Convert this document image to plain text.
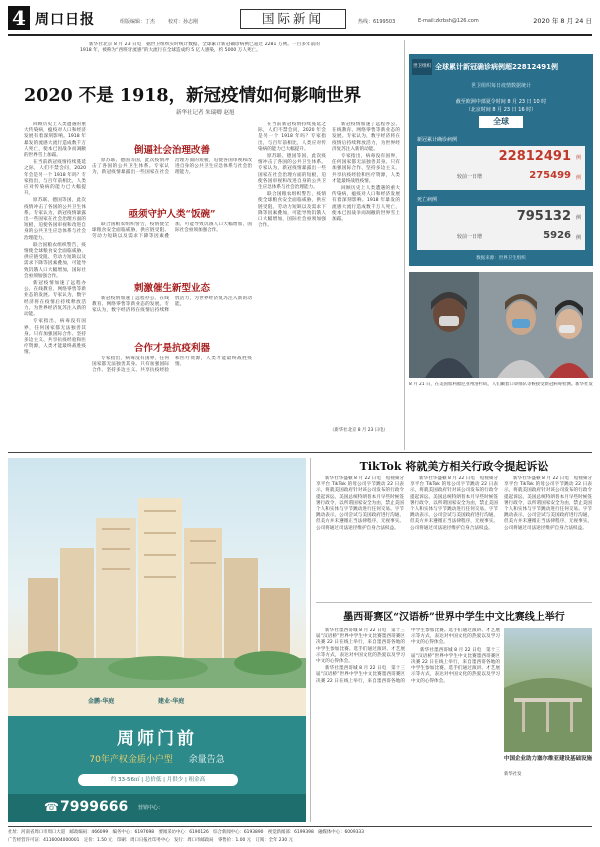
4 周口日报	组版编辑：丁杰	校对：孙志刚	国际新闻	热线：6199503	E-mail:zkrbsh@126.com	2020 年 8 月 24 日

新华社北京 8 月 23 日电　据世卫组织实时统计数据，全球累计新冠确诊病例已超过 2281 万例。一百多年前的 1918 年，被称为“西班牙流感”的大流行在全球造成约 5 亿人感染，约 5000 万人死亡。

2020 不是 1918，新冠疫情如何影响世界
新华社记者 朱瑞卿 赵旭

回顾历史上人类遭遇的重大传染病，瘟疫对人口和经济发展有着深刻影响。1918 年暴发的流感大流行造成数千万人死亡，使本已因战争而凋敝的世界雪上加霜。

在当前新冠疫情持续蔓延之际，人们不禁会问，2020 年会是另一个 1918 年吗？专家指出，与百年前相比，人类应对传染病的能力已大幅提升。

原苏联、德国等国，此次疫情冲击了各国的公共卫生体系。专家认为，新冠疫情暴露出一些国家在社会治理方面的短板，迫使各国审视和改进自身的公共卫生应急体系与社会治理能力。

联合国粮农组织警告，疫情使全球粮食安全面临威胁，供应链受阻、劳动力短缺以及需求下降等因素叠加，可能导致饥饿人口大幅增加，国际社会亟须加强合作。

新冠疫情加速了远程办公、在线教育、网络零售等新业态的发展。专家认为，数字经济将在疫情后持续释放活力，为世界经济复苏注入新的动能。

专家指出，病毒没有国界，任何国家都无法独善其身。只有加强国际合作、坚持多边主义、共享抗疫经验和医疗资源，人类才能最终战胜疫情。

倒逼社会治理改善

原苏联、德国等国，此次疫情冲击了各国的公共卫生体系。专家认为，新冠疫情暴露出一些国家在社会治理方面的短板，迫使各国审视和改进自身的公共卫生应急体系与社会治理能力。

亟须守护人类“饭碗”

联合国粮农组织警告，疫情使全球粮食安全面临威胁，供应链受阻、劳动力短缺以及需求下降等因素叠加，可能导致饥饿人口大幅增加，国际社会亟须加强合作。

刺激催生新型业态

新冠疫情加速了远程办公、在线教育、网络零售等新业态的发展。专家认为，数字经济将在疫情后持续释放活力，为世界经济复苏注入新的动能。

合作才是抗疫利器

专家指出，病毒没有国界，任何国家都无法独善其身。只有加强国际合作、坚持多边主义、共享抗疫经验和医疗资源，人类才能最终战胜疫情。

在当前新冠疫情持续蔓延之际，人们不禁会问，2020 年会是另一个 1918 年吗？专家指出，与百年前相比，人类应对传染病的能力已大幅提升。

原苏联、德国等国，此次疫情冲击了各国的公共卫生体系。专家认为，新冠疫情暴露出一些国家在社会治理方面的短板，迫使各国审视和改进自身的公共卫生应急体系与社会治理能力。

联合国粮农组织警告，疫情使全球粮食安全面临威胁，供应链受阻、劳动力短缺以及需求下降等因素叠加，可能导致饥饿人口大幅增加，国际社会亟须加强合作。

新冠疫情加速了远程办公、在线教育、网络零售等新业态的发展。专家认为，数字经济将在疫情后持续释放活力，为世界经济复苏注入新的动能。

专家指出，病毒没有国界，任何国家都无法独善其身。只有加强国际合作、坚持多边主义、共享抗疫经验和医疗资源，人类才能最终战胜疫情。

回顾历史上人类遭遇的重大传染病，瘟疫对人口和经济发展有着深刻影响。1918 年暴发的流感大流行造成数千万人死亡，使本已因战争而凋敝的世界雪上加霜。

（新华社北京 8 月 23 日电）
世卫组织 全球累计新冠确诊病例超22812491例
世卫组织每日疫情数据统计
截至欧洲中部夏令时间 8 月 23 日 10 时
（北京时间 8 月 23 日 16 时）
全球
新冠累计确诊病例
22812491 例
较前一日增	275499 例
死亡病例
795132 例
较前一日增	5926 例
数据来源：世界卫生组织
8 月 21 日，在美国加利福尼亚州洛杉矶，人们戴着口罩排队等候接受新冠病毒检测。新华社发
金鹏·华庭	建业·华庭
周师门前
70年产权金质小户型 余量告急
约 33-56㎡ | 总价低 | 月供少 | 租金高
☎ 7999666 营销中心：
TikTok 将就美方相关行政令提起诉讼

新华社华盛顿 8 月 22 日电　短视频分享平台 TikTok 的母公司字节跳动 22 日表示，将就美国政府针对该公司发布的行政令提起诉讼。美国总统特朗普本月早些时候签署行政令，以所谓国家安全为由，禁止美国个人和实体与字节跳动进行任何交易。字节跳动表示，公司尝试与美国政府进行沟通，但美方并未遵循正当法律程序，无视事实。公司将通过司法途径维护自身合法权益。

新华社华盛顿 8 月 22 日电　短视频分享平台 TikTok 的母公司字节跳动 22 日表示，将就美国政府针对该公司发布的行政令提起诉讼。美国总统特朗普本月早些时候签署行政令，以所谓国家安全为由，禁止美国个人和实体与字节跳动进行任何交易。字节跳动表示，公司尝试与美国政府进行沟通，但美方并未遵循正当法律程序，无视事实。公司将通过司法途径维护自身合法权益。

新华社华盛顿 8 月 22 日电　短视频分享平台 TikTok 的母公司字节跳动 22 日表示，将就美国政府针对该公司发布的行政令提起诉讼。美国总统特朗普本月早些时候签署行政令，以所谓国家安全为由，禁止美国个人和实体与字节跳动进行任何交易。字节跳动表示，公司尝试与美国政府进行沟通，但美方并未遵循正当法律程序，无视事实。公司将通过司法途径维护自身合法权益。

墨西哥赛区“汉语桥”世界中学生中文比赛线上举行

新华社墨西哥城 8 月 22 日电　第十三届“汉语桥”世界中学生中文比赛墨西哥赛区决赛 22 日在线上举行，来自墨西哥各地的中学生参加比赛。选手们通过演讲、才艺展示等方式，表达对中国文化的热爱以及学习中文的心得体会。

新华社墨西哥城 8 月 22 日电　第十三届“汉语桥”世界中学生中文比赛墨西哥赛区决赛 22 日在线上举行，来自墨西哥各地的中学生参加比赛。选手们通过演讲、才艺展示等方式，表达对中国文化的热爱以及学习中文的心得体会。

新华社墨西哥城 8 月 22 日电　第十三届“汉语桥”世界中学生中文比赛墨西哥赛区决赛 22 日在线上举行，来自墨西哥各地的中学生参加比赛。选手们通过演讲、才艺展示等方式，表达对中国文化的热爱以及学习中文的心得体会。

中国企业助力塞尔维亚建设基础设施
新华社发
社址：河南省周口市周口大道　邮政编码：466099　编务中心：6197698　要闻采访中心：6190126　综合新闻中心：6193890　视觉新闻部：6199398　融媒体中心：6009333
广告经营许可证：4116004000001　定价：1.50 元　印刷：周口日报社印务中心　发行：周口市邮政局　零售价：1.00 元　订阅：全年 230 元
